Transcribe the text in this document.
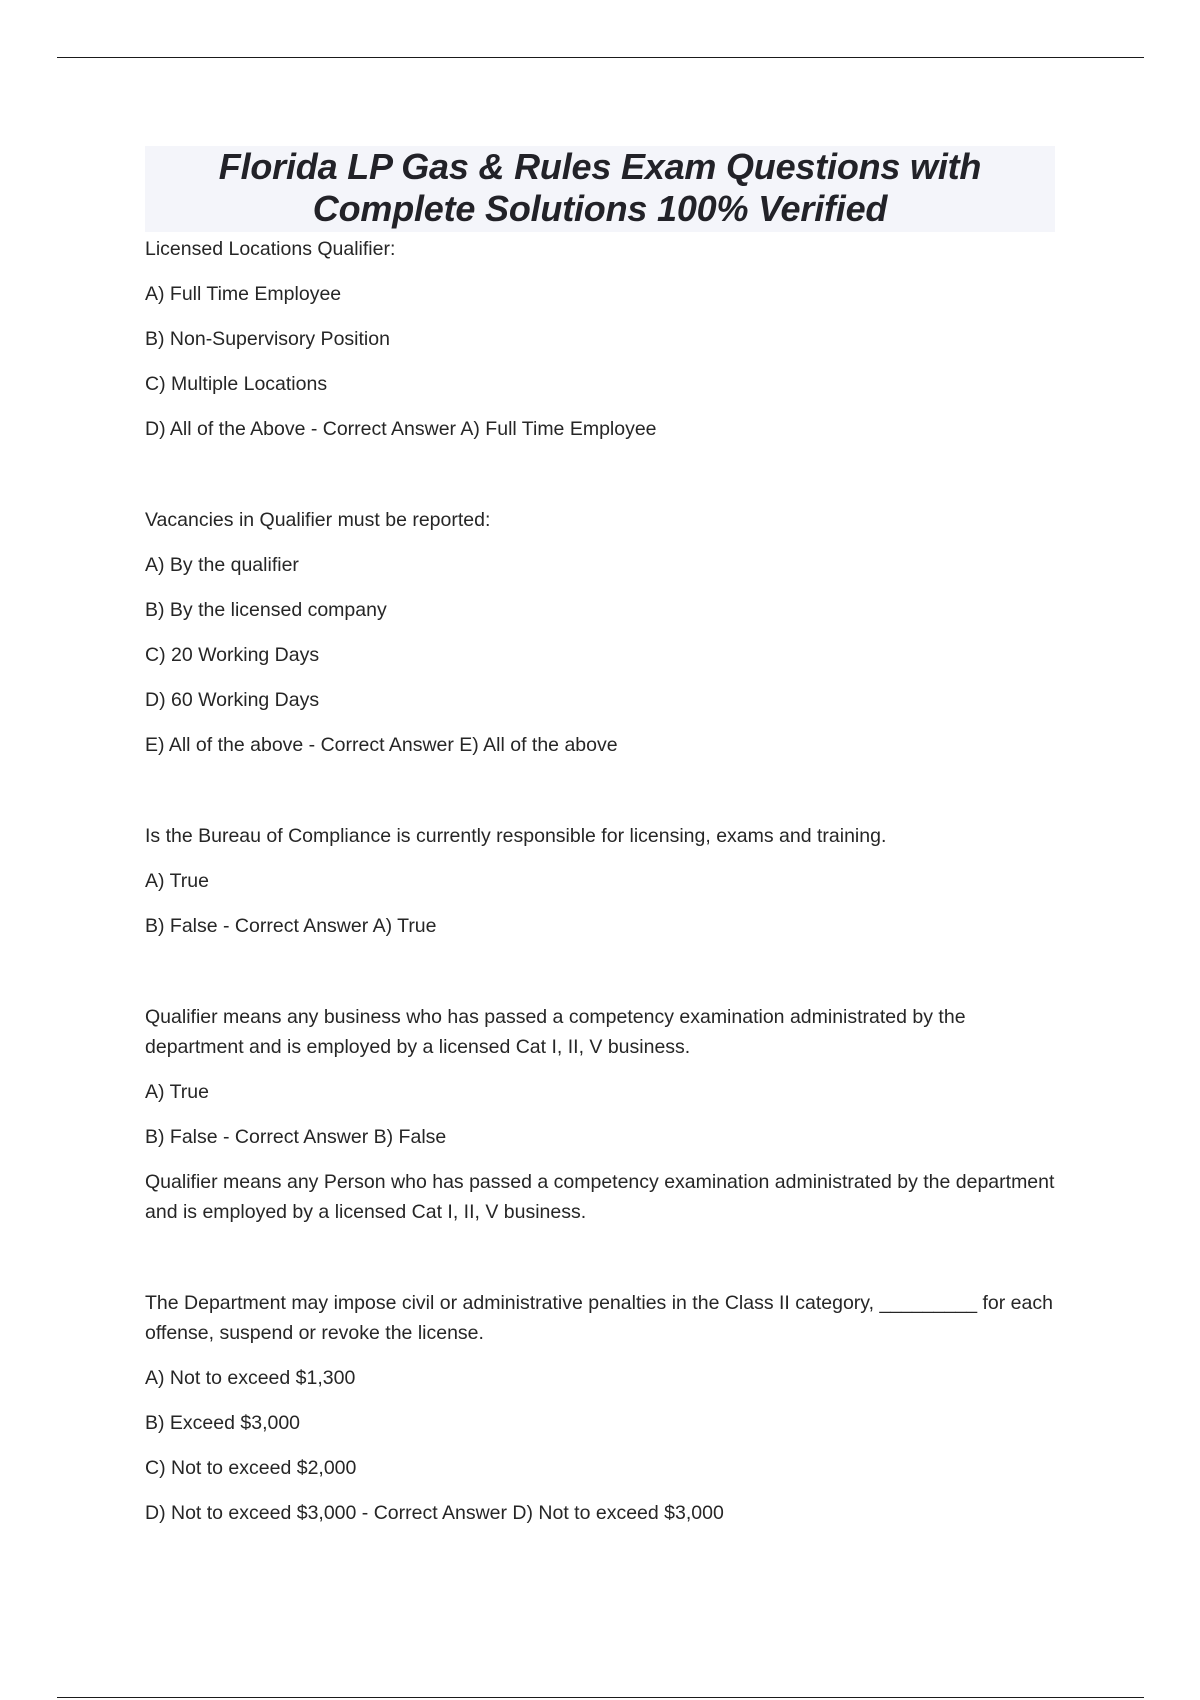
Florida LP Gas & Rules Exam Questions with Complete Solutions 100% Verified

Licensed Locations Qualifier:

A) Full Time Employee

B) Non-Supervisory Position

C) Multiple Locations

D) All of the Above - Correct Answer A) Full Time Employee

Vacancies in Qualifier must be reported:

A) By the qualifier

B) By the licensed company

C) 20 Working Days

D) 60 Working Days

E) All of the above - Correct Answer E) All of the above

Is the Bureau of Compliance is currently responsible for licensing, exams and training.

A) True

B) False - Correct Answer A) True

Qualifier means any business who has passed a competency examination administrated by the department and is employed by a licensed Cat I, II, V business.

A) True

B) False - Correct Answer B) False

Qualifier means any Person who has passed a competency examination administrated by the department and is employed by a licensed Cat I, II, V business.

The Department may impose civil or administrative penalties in the Class II category, _________ for each offense, suspend or revoke the license.

A) Not to exceed $1,300

B) Exceed $3,000

C) Not to exceed $2,000

D) Not to exceed $3,000 - Correct Answer D) Not to exceed $3,000
